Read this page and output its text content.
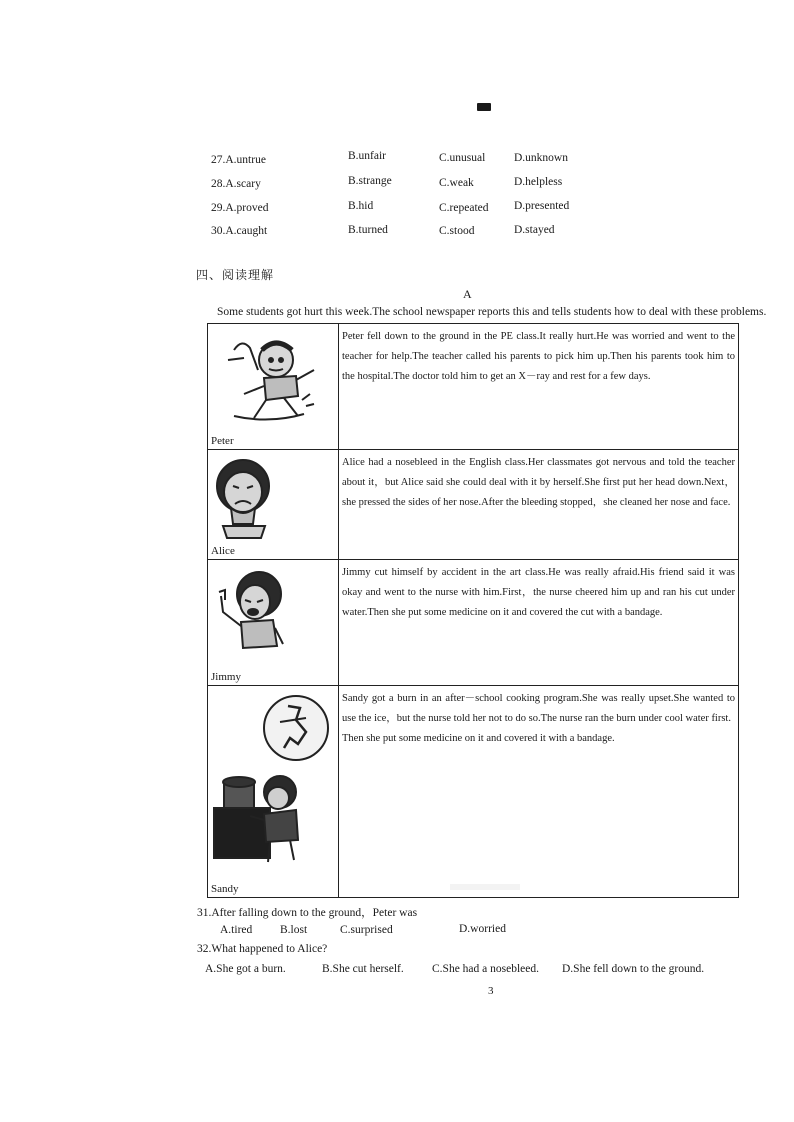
27.A.untrue	B.unfair	C.unusual D.unknown
28.A.scary	B.strange	C.weak	D.helpless
29.A.proved	B.hid	C.repeated D.presented
30.A.caught	B.turned	C.stood	D.stayed
四、阅读理解
A
Some students got hurt this week.The school newspaper reports this and tells students how to deal with these problems.
Peter	Peter fell down to the ground in the PE class.It really hurt.He was worried and went to the teacher for help.The teacher called his parents to pick him up.Then his parents took him to the hospital.The doctor told him to get an X－ray and rest for a few days.

Alice	Alice had a nosebleed in the English class.Her classmates got nervous and told the teacher about it，but Alice said she could deal with it by herself.She first put her head down.Next，she pressed the sides of her nose.After the bleeding stopped，she cleaned her nose and face.

Jimmy	Jimmy cut himself by accident in the art class.He was really afraid.His friend said it was okay and went to the nurse with him.First，the nurse cheered him up and ran his cut under water.Then she put some medicine on it and covered the cut with a bandage.

Sandy	Sandy got a burn in an after－school cooking program.She was really upset.She wanted to use the ice，but the nurse told her not to do so.The nurse ran the burn under cool water first.
Then she put some medicine on it and covered it with a bandage.
31.After falling down to the ground，Peter was
A.tired B.lost	C.surprised	D.worried
32.What happened to Alice?
A.She got a burn.	B.She cut herself. C.She had a nosebleed. D.She fell down to the ground.
3
